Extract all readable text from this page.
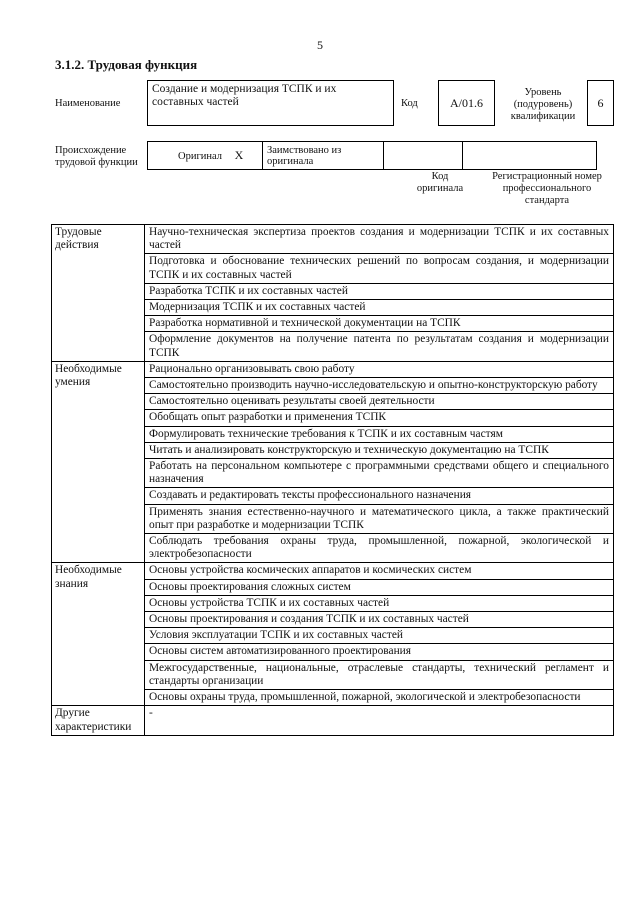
5
3.1.2. Трудовая функция
Наименование
Создание и модернизация ТСПК и их составных частей	Код	А/01.6
Уровень (подуровень) квалификации
6
Происхождение трудовой функции
Оригинал X	Заимствовано из оригинала		
Код оригинала
Регистрационный номер профессионального стандарта
Трудовые действия	Научно-техническая экспертиза проектов создания и модернизации ТСПК и их составных частей
	Подготовка и обоснование технических решений по вопросам создания, и модернизации ТСПК и их составных частей
	Разработка ТСПК и их составных частей
	Модернизация ТСПК и их составных частей
	Разработка нормативной и технической документации на ТСПК
	Оформление документов на получение патента по результатам создания и модернизации ТСПК
Необходимые умения	Рационально организовывать свою работу
	Самостоятельно производить научно-исследовательскую и опытно-конструкторскую работу
	Самостоятельно оценивать результаты своей деятельности
	Обобщать опыт разработки и применения ТСПК
	Формулировать технические требования к ТСПК и их составным частям
	Читать и анализировать конструкторскую и техническую документацию на ТСПК
	Работать на персональном компьютере с программными средствами общего и специального назначения
	Создавать и редактировать тексты профессионального назначения
	Применять знания естественно-научного и математического цикла, а также практический опыт при разработке и модернизации ТСПК
	Соблюдать требования охраны труда, промышленной, пожарной, экологической и электробезопасности
Необходимые знания	Основы устройства космических аппаратов и космических систем
	Основы проектирования сложных систем
	Основы устройства ТСПК и их составных частей
	Основы проектирования и создания ТСПК и их составных частей
	Условия эксплуатации ТСПК и их составных частей
	Основы систем автоматизированного проектирования
	Межгосударственные, национальные, отраслевые стандарты, технический регламент и стандарты организации
	Основы охраны труда, промышленной, пожарной, экологической и электробезопасности
Другие характеристики	-
